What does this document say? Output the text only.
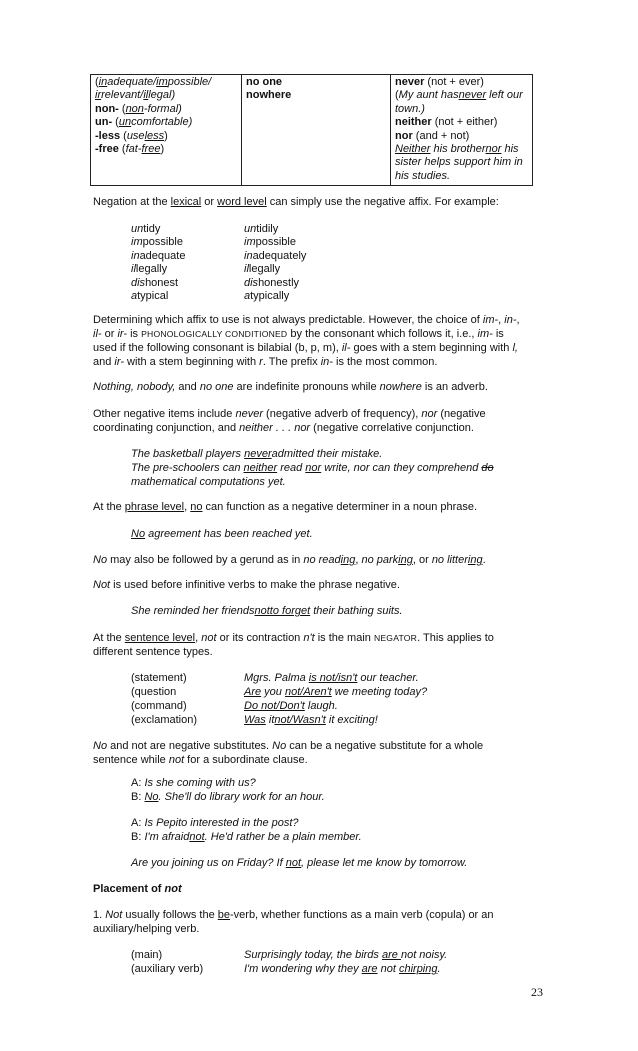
(inadequate/impossible/
irrelevant/illegal)
non- (non-formal)
un- (uncomfortable)
-less (useless)
-free (fat-free)

no one
nowhere

never (not + ever)
(My aunt hasnever left our
town.)
neither (not + either)
nor (and + not)
Neither his brothernor his
sister helps support him in
his studies.
Negation at the lexical or word level can simply use the negative affix. For example:
untidy	untidily
impossible	impossible
inadequate	inadequately
illegally	illegally
dishonest	dishonestly
atypical	atypically
Determining which affix to use is not always predictable. However, the choice of im-, in-,
il- or ir- is PHONOLOGICALLY CONDITIONED by the consonant which follows it, i.e., im- is
used if the following consonant is bilabial (b, p, m), il- goes with a stem beginning with l,
and ir- with a stem beginning with r. The prefix in- is the most common.
Nothing, nobody, and no one are indefinite pronouns while nowhere is an adverb.
Other negative items include never (negative adverb of frequency), nor (negative
coordinating conjunction, and neither . . . nor (negative correlative conjunction.
The basketball players neveradmitted their mistake.
The pre-schoolers can neither read nor write, nor can they comprehend do
mathematical computations yet.
At the phrase level, no can function as a negative determiner in a noun phrase.
No agreement has been reached yet.
No may also be followed by a gerund as in no reading, no parking, or no littering.
Not is used before infinitive verbs to make the phrase negative.
She reminded her friendsnotto forget their bathing suits.
At the sentence level, not or its contraction n't is the main NEGATOR. This applies to
different sentence types.
(statement)	Mgrs. Palma is not/isn't our teacher.
(question	Are you not/Aren't we meeting today?
(command)	Do not/Don't laugh.
(exclamation)	Was itnot/Wasn't it exciting!
No and not are negative substitutes. No can be a negative substitute for a whole
sentence while not for a subordinate clause.
A: Is she coming with us?
B: No. She'll do library work for an hour.
A: Is Pepito interested in the post?
B: I'm afraidnot. He'd rather be a plain member.
Are you joining us on Friday? If not, please let me know by tomorrow.
Placement of not
1. Not usually follows the be-verb, whether functions as a main verb (copula) or an
auxiliary/helping verb.
(main)	Surprisingly today, the birds are not noisy.
(auxiliary verb)	I'm wondering why they are not chirping.
23
